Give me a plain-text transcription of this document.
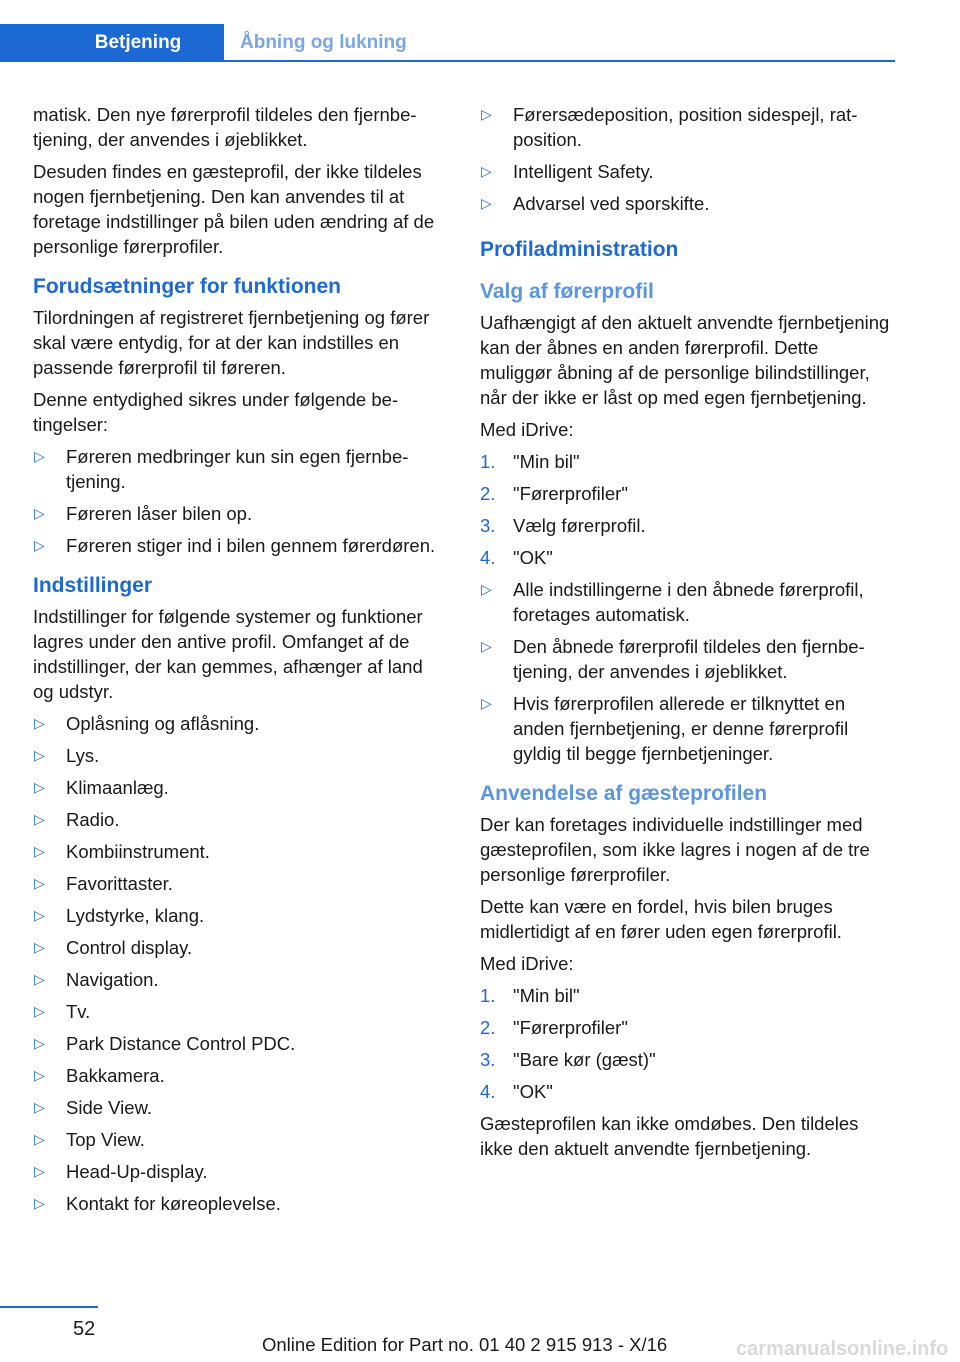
Betjening	Åbning og lukning

matisk. Den nye førerprofil tildeles den fjernbetjening, der anvendes i øjeblikket.

Desuden findes en gæsteprofil, der ikke tildeles nogen fjernbetjening. Den kan anvendes til at foretage indstillinger på bilen uden ændring af de personlige førerprofiler.

Forudsætninger for funktionen

Tilordningen af registreret fjernbetjening og fører skal være entydig, for at der kan indstilles en passende førerprofil til føreren.

Denne entydighed sikres under følgende betingelser:

▷ Føreren medbringer kun sin egen fjernbetjening.
▷ Føreren låser bilen op.
▷ Føreren stiger ind i bilen gennem førerdøren.
Indstillinger

Indstillinger for følgende systemer og funktioner lagres under den antive profil. Omfanget af de indstillinger, der kan gemmes, afhænger af land og udstyr.

▷ Oplåsning og aflåsning.
▷ Lys.
▷ Klimaanlæg.
▷ Radio.
▷ Kombiinstrument.
▷ Favorittaster.
▷ Lydstyrke, klang.
▷ Control display.
▷ Navigation.
▷ Tv.
▷ Park Distance Control PDC.
▷ Bakkamera.
▷ Side View.
▷ Top View.
▷ Head-Up-display.
▷ Kontakt for køreoplevelse.
▷ Førersædeposition, position sidespejl, ratposition.
▷ Intelligent Safety.
▷ Advarsel ved sporskifte.
Profiladministration
Valg af førerprofil

Uafhængigt af den aktuelt anvendte fjernbetjening kan der åbnes en anden førerprofil. Dette muliggør åbning af de personlige bilindstillinger, når der ikke er låst op med egen fjernbetjening.

Med iDrive:

1. "Min bil"
2. "Førerprofiler"
3. Vælg førerprofil.
4. "OK"
▷ Alle indstillingerne i den åbnede førerprofil, foretages automatisk.
▷ Den åbnede førerprofil tildeles den fjernbetjening, der anvendes i øjeblikket.
▷ Hvis førerprofilen allerede er tilknyttet en anden fjernbetjening, er denne førerprofil gyldig til begge fjernbetjeninger.
Anvendelse af gæsteprofilen

Der kan foretages individuelle indstillinger med gæsteprofilen, som ikke lagres i nogen af de tre personlige førerprofiler.

Dette kan være en fordel, hvis bilen bruges midlertidigt af en fører uden egen førerprofil.

Med iDrive:

1. "Min bil"
2. "Førerprofiler"
3. "Bare kør (gæst)"
4. "OK"

Gæsteprofilen kan ikke omdøbes. Den tildeles ikke den aktuelt anvendte fjernbetjening.

52
Online Edition for Part no. 01 40 2 915 913 - X/16	carmanualsonline.info
